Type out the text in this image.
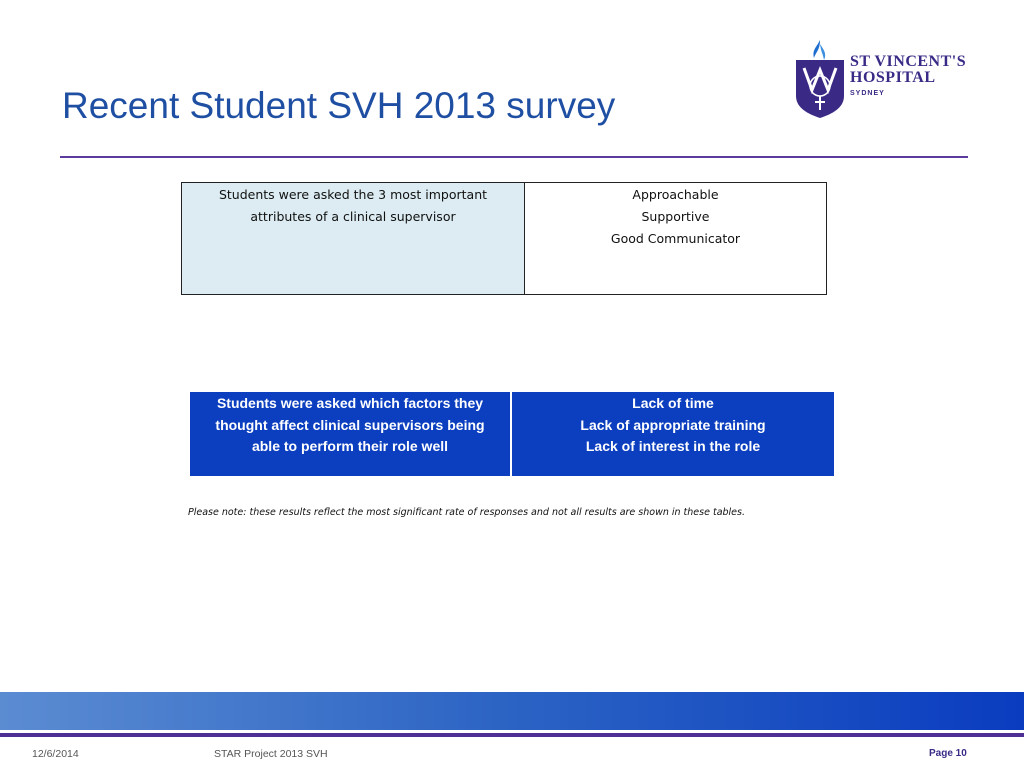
Recent Student SVH 2013 survey
ST VINCENT'S
HOSPITAL
SYDNEY
Students were asked the 3 most important
attributes of a clinical supervisor

Approachable
Supportive
Good Communicator
Students were asked which factors they
thought affect clinical supervisors being
able to perform their role well

Lack of time
Lack of appropriate training
Lack of interest in the role
Please note: these results reflect the most significant rate of responses and not all results are shown in these tables.
12/6/2014	STAR Project 2013 SVH	Page 10
